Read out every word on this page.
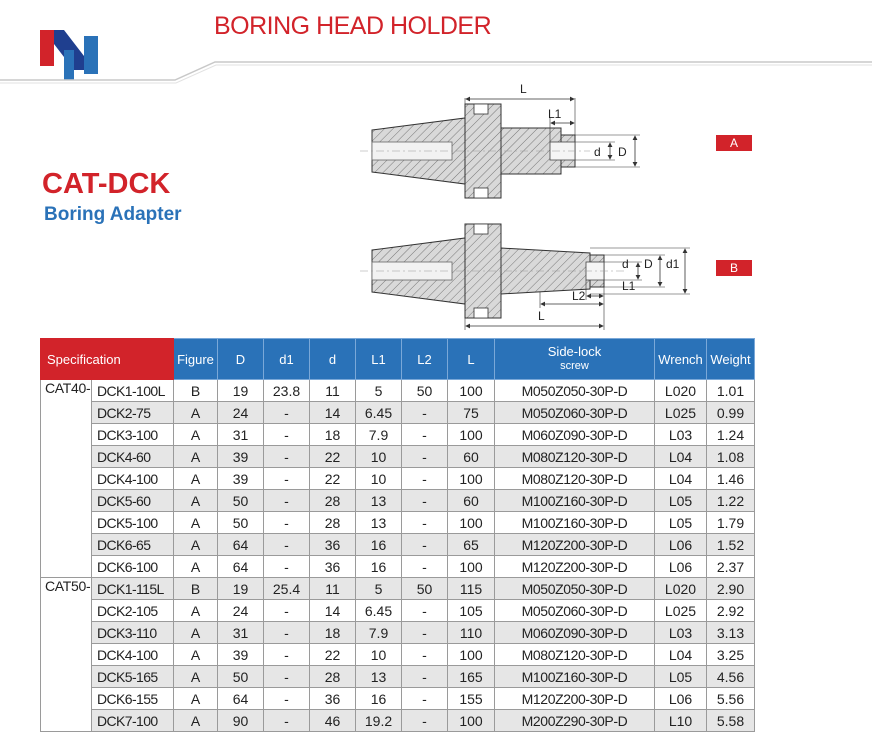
BORING HEAD HOLDER
CAT-DCK
Boring Adapter
L
L1
d D
d D d1
L1
L2
L
A
B
Specification		Figure	D	d1	d	L1	L2	L	Side-lock
screw	Wrench	Weight
CAT40-	DCK1-100L	B	19	23.8	11	5	50	100	M050Z050-30P-D	L020	1.01
	DCK2-75	A	24	-	14	6.45	-	75	M050Z060-30P-D	L025	0.99
	DCK3-100	A	31	-	18	7.9	-	100	M060Z090-30P-D	L03	1.24
	DCK4-60	A	39	-	22	10	-	60	M080Z120-30P-D	L04	1.08
	DCK4-100	A	39	-	22	10	-	100	M080Z120-30P-D	L04	1.46
	DCK5-60	A	50	-	28	13	-	60	M100Z160-30P-D	L05	1.22
	DCK5-100	A	50	-	28	13	-	100	M100Z160-30P-D	L05	1.79
	DCK6-65	A	64	-	36	16	-	65	M120Z200-30P-D	L06	1.52
	DCK6-100	A	64	-	36	16	-	100	M120Z200-30P-D	L06	2.37
CAT50-	DCK1-115L	B	19	25.4	11	5	50	115	M050Z050-30P-D	L020	2.90
	DCK2-105	A	24	-	14	6.45	-	105	M050Z060-30P-D	L025	2.92
	DCK3-110	A	31	-	18	7.9	-	110	M060Z090-30P-D	L03	3.13
	DCK4-100	A	39	-	22	10	-	100	M080Z120-30P-D	L04	3.25
	DCK5-165	A	50	-	28	13	-	165	M100Z160-30P-D	L05	4.56
	DCK6-155	A	64	-	36	16	-	155	M120Z200-30P-D	L06	5.56
	DCK7-100	A	90	-	46	19.2	-	100	M200Z290-30P-D	L10	5.58
